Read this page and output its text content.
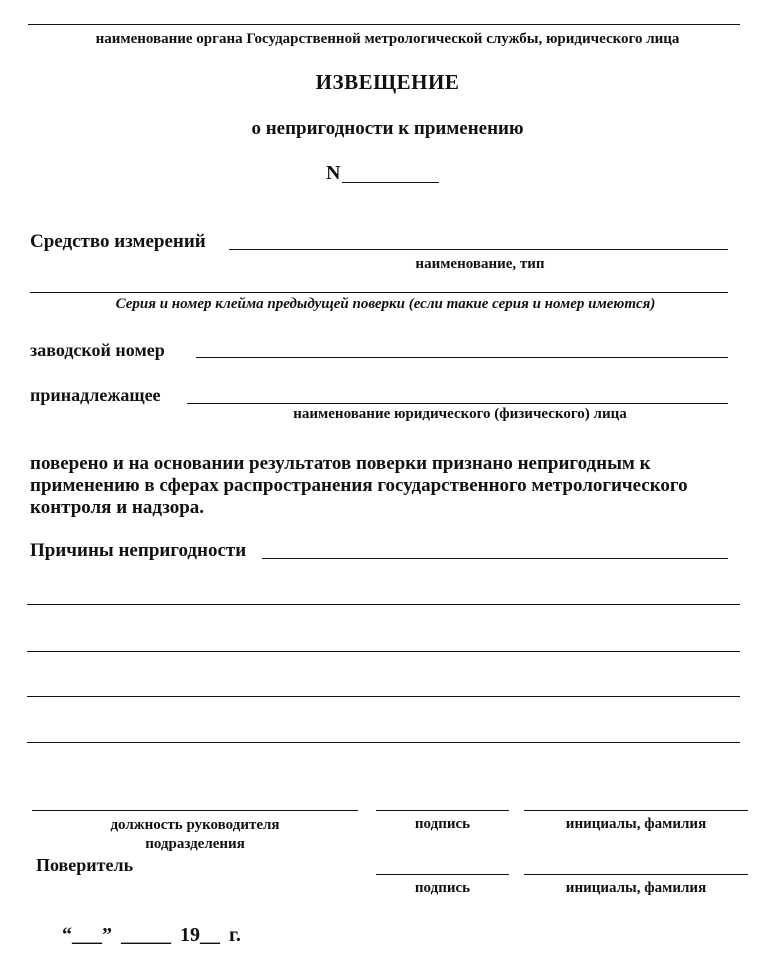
наименование органа Государственной метрологической службы, юридического лица
ИЗВЕЩЕНИЕ
о непригодности к применению
N
Средство измерений
наименование, тип
Серия и номер клейма предыдущей поверки (если такие серия и номер имеются)
заводской номер
принадлежащее
наименование юридического (физического) лица
поверено и на основании результатов поверки признано непригодным к
применению в сферах распространения государственного метрологического
контроля и надзора.
Причины непригодности
должность руководителя
подразделения
подпись	инициалы, фамилия
Поверитель
подпись	инициалы, фамилия
“___” _____ 19__ г.
